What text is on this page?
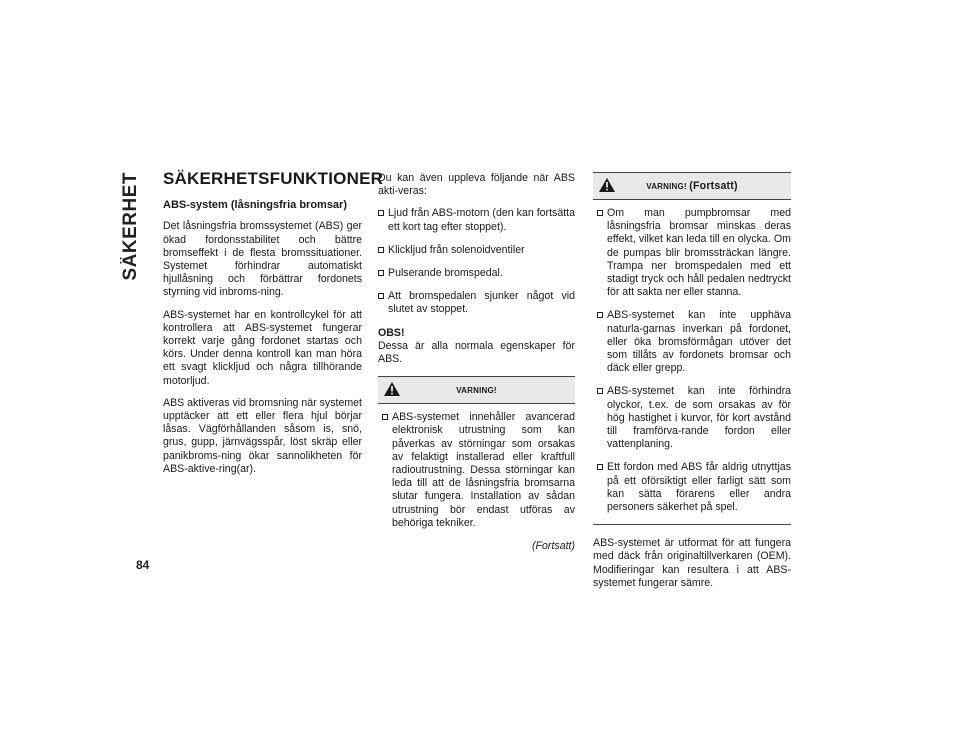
SÄKERHET
84
SÄKERHETSFUNKTIONER
ABS-system (låsningsfria bromsar)

Det låsningsfria bromssystemet (ABS) ger ökad fordonsstabilitet och bättre bromseffekt i de flesta bromssituationer. Systemet förhindrar automatiskt hjullåsning och förbättrar fordonets styrning vid inbroms-ning.

ABS-systemet har en kontrollcykel för att kontrollera att ABS-systemet fungerar korrekt varje gång fordonet startas och körs. Under denna kontroll kan man höra ett svagt klickljud och några tillhörande motorljud.

ABS aktiveras vid bromsning när systemet upptäcker att ett eller flera hjul börjar låsas. Vägförhållanden såsom is, snö, grus, gupp, järnvägsspår, löst skräp eller panikbroms-ning ökar sannolikheten för ABS-aktive-ring(ar).

Du kan även uppleva följande när ABS akti-veras:

Ljud från ABS-motorn (den kan fortsätta ett kort tag efter stoppet).
Klickljud från solenoidventiler
Pulserande bromspedal.
Att bromspedalen sjunker något vid slutet av stoppet.
OBS!

Dessa är alla normala egenskaper för ABS.

VARNING!
ABS-systemet innehåller avancerad elektronisk utrustning som kan påverkas av störningar som orsakas av felaktigt installerad eller kraftfull radioutrustning. Dessa störningar kan leda till att de låsningsfria bromsarna slutar fungera. Installation av sådan utrustning bör endast utföras av behöriga tekniker.
(Fortsatt)
VARNING! (Fortsatt)
Om man pumpbromsar med låsningsfria bromsar minskas deras effekt, vilket kan leda till en olycka. Om de pumpas blir bromssträckan längre. Trampa ner bromspedalen med ett stadigt tryck och håll pedalen nedtryckt för att sakta ner eller stanna.
ABS-systemet kan inte upphäva naturla-garnas inverkan på fordonet, eller öka bromsförmågan utöver det som tillåts av fordonets bromsar och däck eller grepp.
ABS-systemet kan inte förhindra olyckor, t.ex. de som orsakas av för hög hastighet i kurvor, för kort avstånd till framförva-rande fordon eller vattenplaning.
Ett fordon med ABS får aldrig utnyttjas på ett oförsiktigt eller farligt sätt som kan sätta förarens eller andra personers säkerhet på spel.

ABS-systemet är utformat för att fungera med däck från originaltillverkaren (OEM). Modifieringar kan resultera i att ABS-systemet fungerar sämre.
